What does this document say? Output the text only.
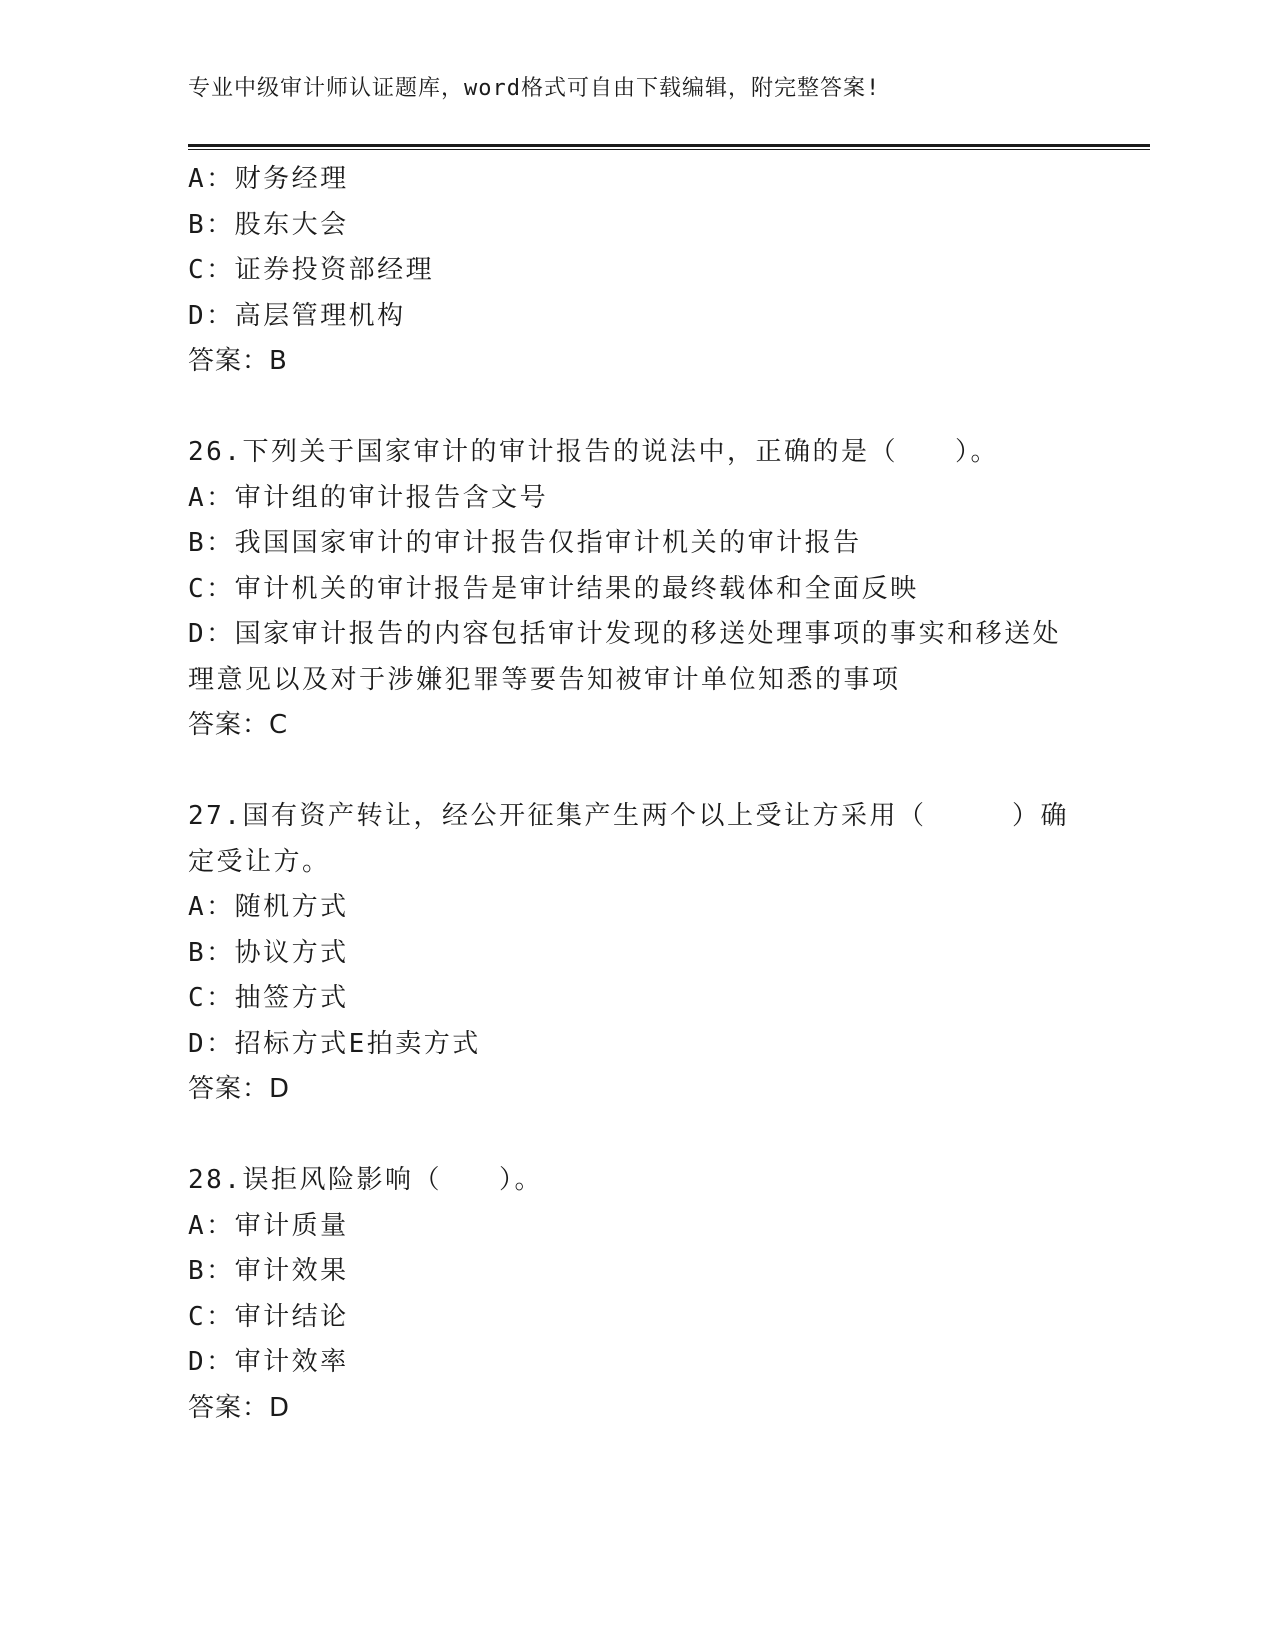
专业中级审计师认证题库，word格式可自由下载编辑，附完整答案!
A：财务经理
B：股东大会
C：证券投资部经理
D：高层管理机构
答案：B
26.下列关于国家审计的审计报告的说法中，正确的是（　　）。
A：审计组的审计报告含文号
B：我国国家审计的审计报告仅指审计机关的审计报告
C：审计机关的审计报告是审计结果的最终载体和全面反映
D：国家审计报告的内容包括审计发现的移送处理事项的事实和移送处
理意见以及对于涉嫌犯罪等要告知被审计单位知悉的事项
答案：C
27.国有资产转让，经公开征集产生两个以上受让方采用（　　　）确
定受让方。
A：随机方式
B：协议方式
C：抽签方式
D：招标方式E拍卖方式
答案：D
28.误拒风险影响（　　）。
A：审计质量
B：审计效果
C：审计结论
D：审计效率
答案：D
